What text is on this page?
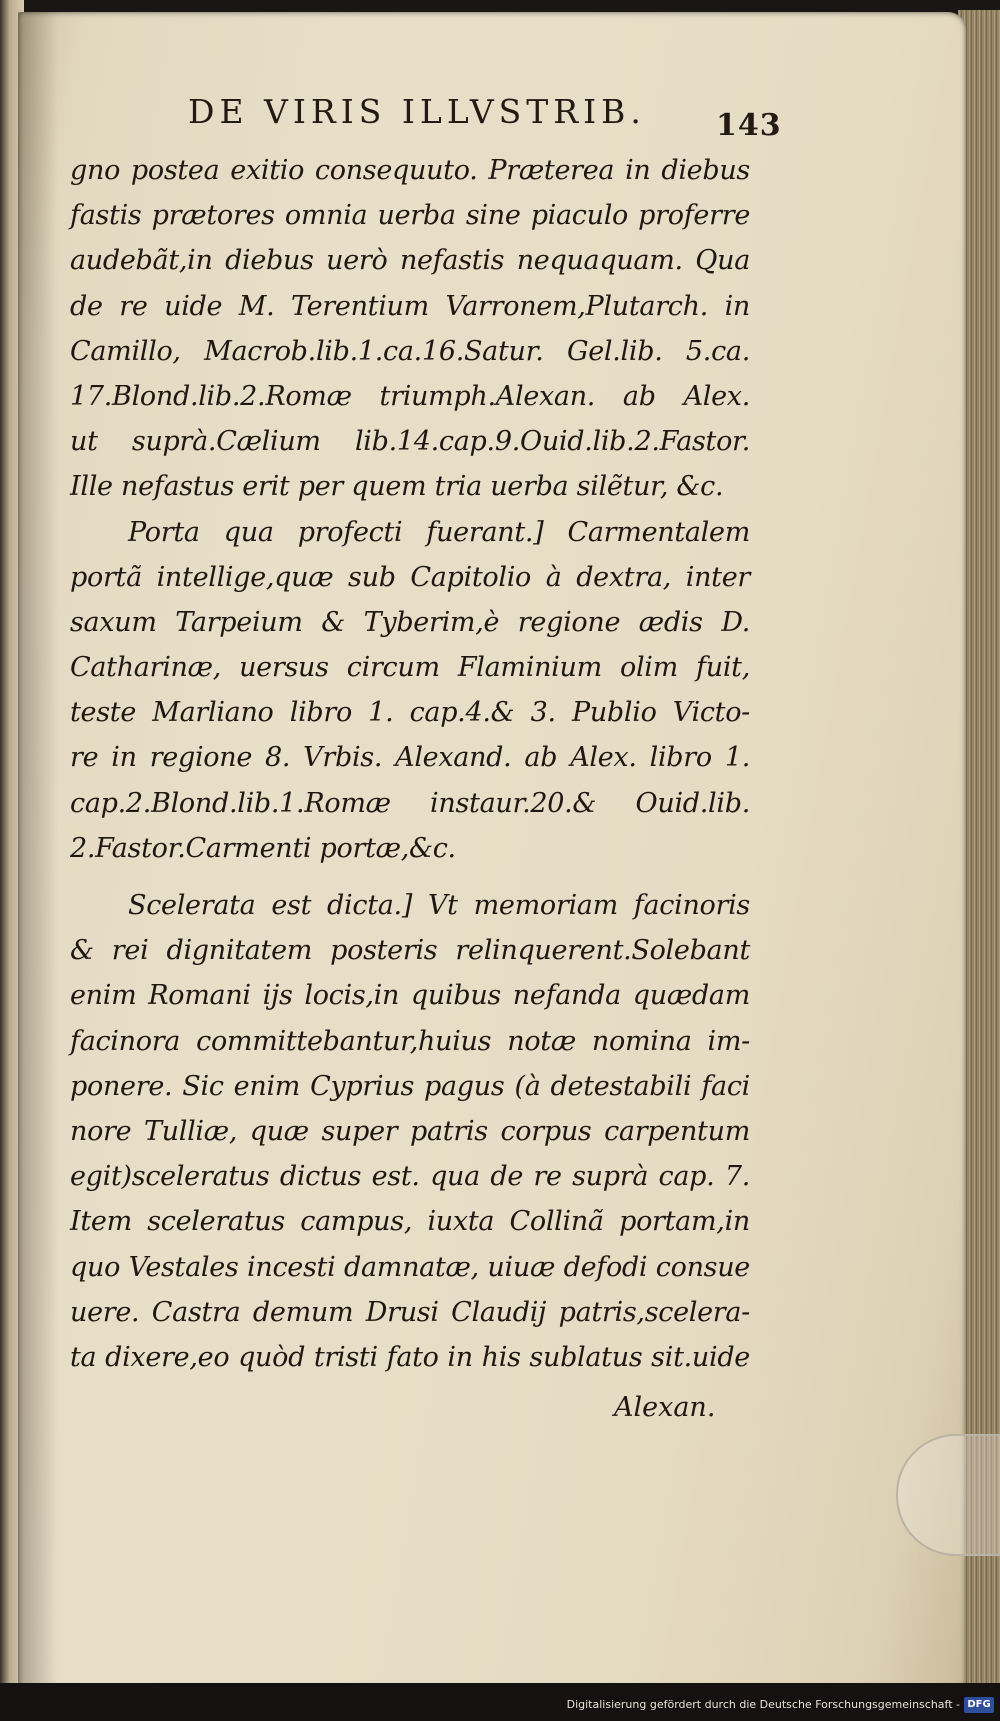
DE VIRIS ILLVSTRIB. 143
gno postea exitio consequuto. Præterea in diebus
fastis prætores omnia uerba sine piaculo proferre
audebãt,in diebus uerò nefastis nequaquam. Qua
de re uide M. Terentium Varronem,Plutarch. in
Camillo, Macrob.lib.1.ca.16.Satur. Gel.lib. 5.ca.
17.Blond.lib.2.Romæ triumph.Alexan. ab Alex.
ut suprà.Cælium lib.14.cap.9.Ouid.lib.2.Fastor.
Ille nefastus erit per quem tria uerba silẽtur, &c.
Porta qua profecti fuerant.] Carmentalem
portã intellige,quæ sub Capitolio à dextra, inter
saxum Tarpeium & Tyberim,è regione ædis D.
Catharinæ, uersus circum Flaminium olim fuit,
teste Marliano libro 1. cap.4.& 3. Publio Victo-
re in regione 8. Vrbis. Alexand. ab Alex. libro 1.
cap.2.Blond.lib.1.Romæ instaur.20.& Ouid.lib.
2.Fastor.Carmenti portæ,&c.
Scelerata est dicta.] Vt memoriam facinoris
& rei dignitatem posteris relinquerent.Solebant
enim Romani ijs locis,in quibus nefanda quædam
facinora committebantur,huius notæ nomina im-
ponere. Sic enim Cyprius pagus (à detestabili faci
nore Tulliæ, quæ super patris corpus carpentum
egit)sceleratus dictus est. qua de re suprà cap. 7.
Item sceleratus campus, iuxta Collinã portam,in
quo Vestales incesti damnatæ, uiuæ defodi consue
uere. Castra demum Drusi Claudij patris,scelera-
ta dixere,eo quòd tristi fato in his sublatus sit.uide
Alexan.
Digitalisierung gefördert durch die Deutsche Forschungsgemeinschaft - DFG
